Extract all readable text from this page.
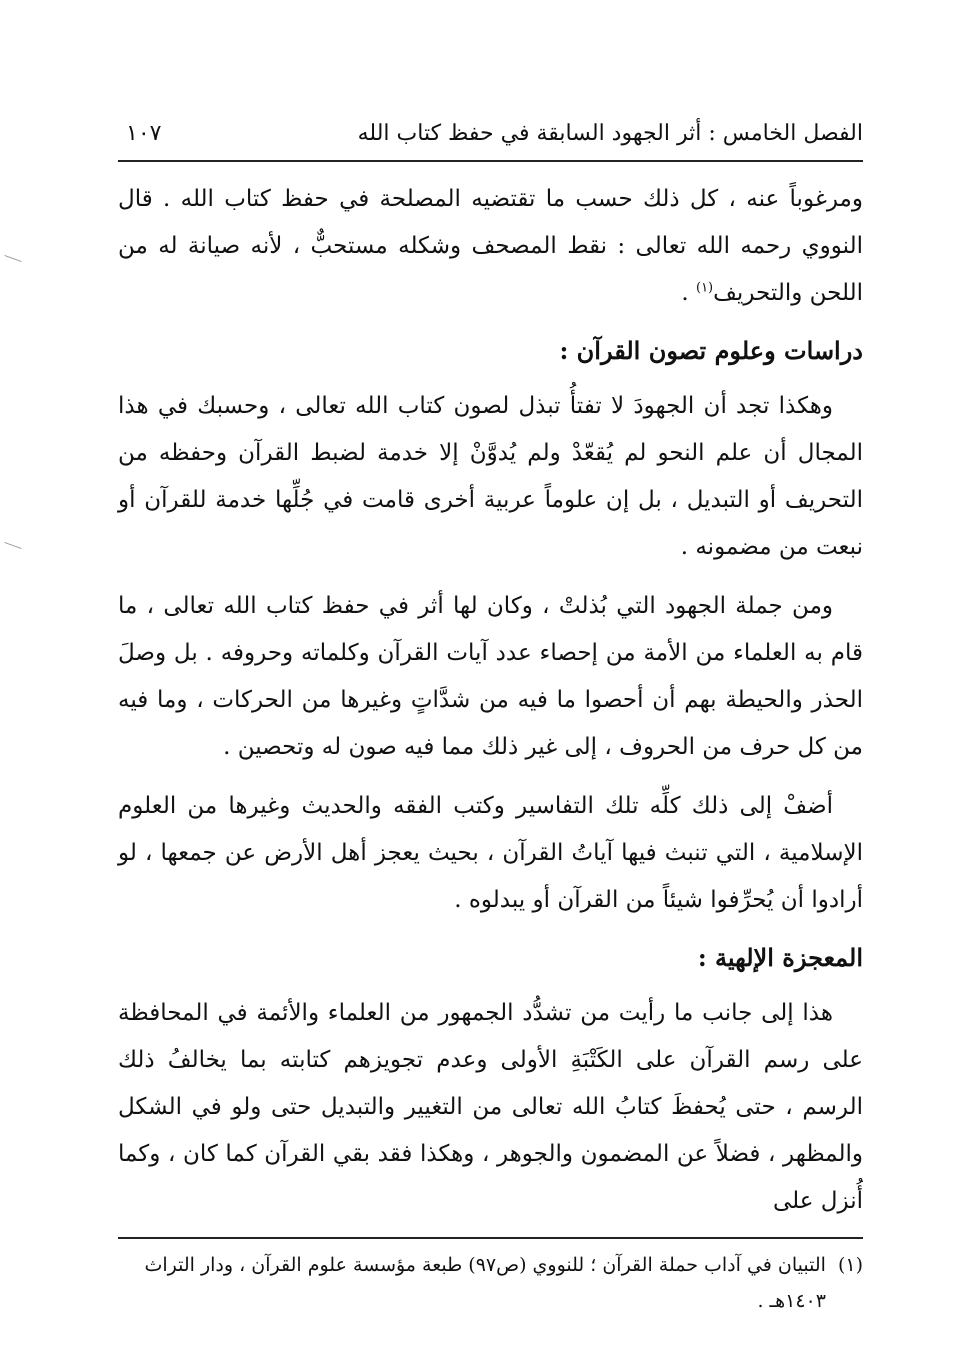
الفصل الخامس : أثر الجهود السابقة في حفظ كتاب الله
١٠٧

ومرغوباً عنه ، كل ذلك حسب ما تقتضيه المصلحة في حفظ كتاب الله . قال النووي رحمه الله تعالى : نقط المصحف وشكله مستحبٌّ ، لأنه صيانة له من اللحن والتحريف$^{(١)}$ .

دراسات وعلوم تصون القرآن :

وهكذا تجد أن الجهودَ لا تفتأُ تبذل لصون كتاب الله تعالى ، وحسبك في هذا المجال أن علم النحو لم يُقعّدْ ولم يُدوَّنْ إلا خدمة لضبط القرآن وحفظه من التحريف أو التبديل ، بل إن علوماً عربية أخرى قامت في جُلِّها خدمة للقرآن أو نبعت من مضمونه .

ومن جملة الجهود التي بُذلتْ ، وكان لها أثر في حفظ كتاب الله تعالى ، ما قام به العلماء من الأمة من إحصاء عدد آيات القرآن وكلماته وحروفه . بل وصلَ الحذر والحيطة بهم أن أحصوا ما فيه من شدَّاتٍ وغيرها من الحركات ، وما فيه من كل حرف من الحروف ، إلى غير ذلك مما فيه صون له وتحصين .

أضفْ إلى ذلك كلِّه تلك التفاسير وكتب الفقه والحديث وغيرها من العلوم الإسلامية ، التي تنبث فيها آياتُ القرآن ، بحيث يعجز أهل الأرض عن جمعها ، لو أرادوا أن يُحرِّفوا شيئاً من القرآن أو يبدلوه .

المعجزة الإلهية :

هذا إلى جانب ما رأيت من تشدُّد الجمهور من العلماء والأئمة في المحافظة على رسم القرآن على الكَتْبَةِ الأولى وعدم تجويزهم كتابته بما يخالفُ ذلك الرسم ، حتى يُحفظَ كتابُ الله تعالى من التغيير والتبديل حتى ولو في الشكل والمظهر ، فضلاً عن المضمون والجوهر ، وهكذا فقد بقي القرآن كما كان ، وكما أُنزل على

(١)
التبيان في آداب حملة القرآن ؛ للنووي (ص٩٧) طبعة مؤسسة علوم القرآن ، ودار التراث ١٤٠٣هـ .
